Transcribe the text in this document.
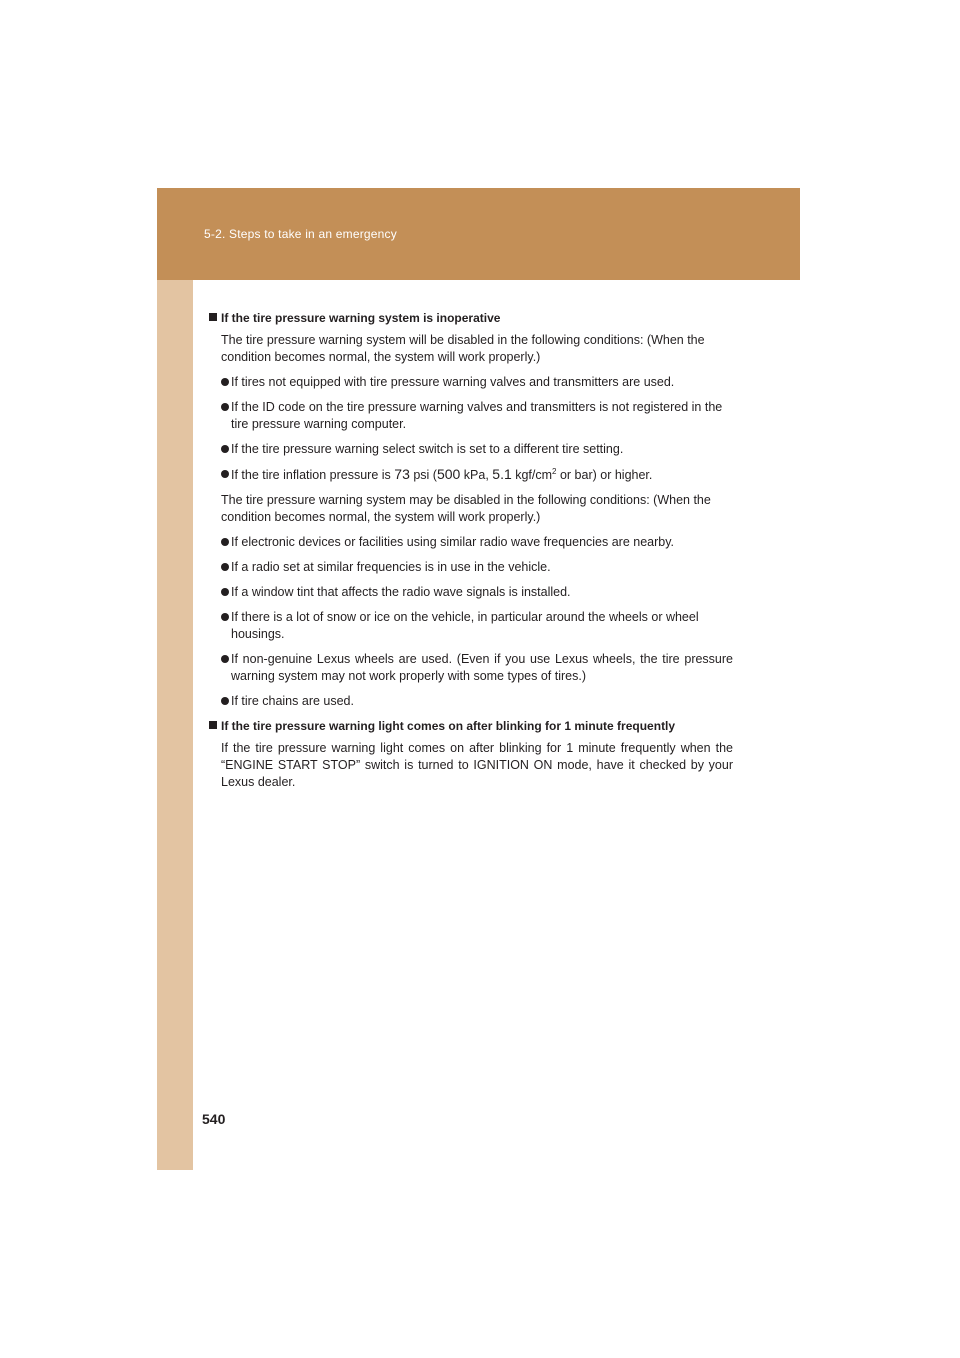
5-2. Steps to take in an emergency
If the tire pressure warning system is inoperative

The tire pressure warning system will be disabled in the following conditions: (When the condition becomes normal, the system will work properly.)

If tires not equipped with tire pressure warning valves and transmitters are used.
If the ID code on the tire pressure warning valves and transmitters is not registered in the tire pressure warning computer.
If the tire pressure warning select switch is set to a different tire setting.
If the tire inflation pressure is 73 psi (500 kPa, 5.1 kgf/$cm^2$ or bar) or higher.

The tire pressure warning system may be disabled in the following conditions: (When the condition becomes normal, the system will work properly.)

If electronic devices or facilities using similar radio wave frequencies are nearby.
If a radio set at similar frequencies is in use in the vehicle.
If a window tint that affects the radio wave signals is installed.
If there is a lot of snow or ice on the vehicle, in particular around the wheels or wheel housings.
If non-genuine Lexus wheels are used. (Even if you use Lexus wheels, the tire pressure warning system may not work properly with some types of tires.)
If tire chains are used.
If the tire pressure warning light comes on after blinking for 1 minute frequently

If the tire pressure warning light comes on after blinking for 1 minute frequently when the “ENGINE START STOP” switch is turned to IGNITION ON mode, have it checked by your Lexus dealer.

540
